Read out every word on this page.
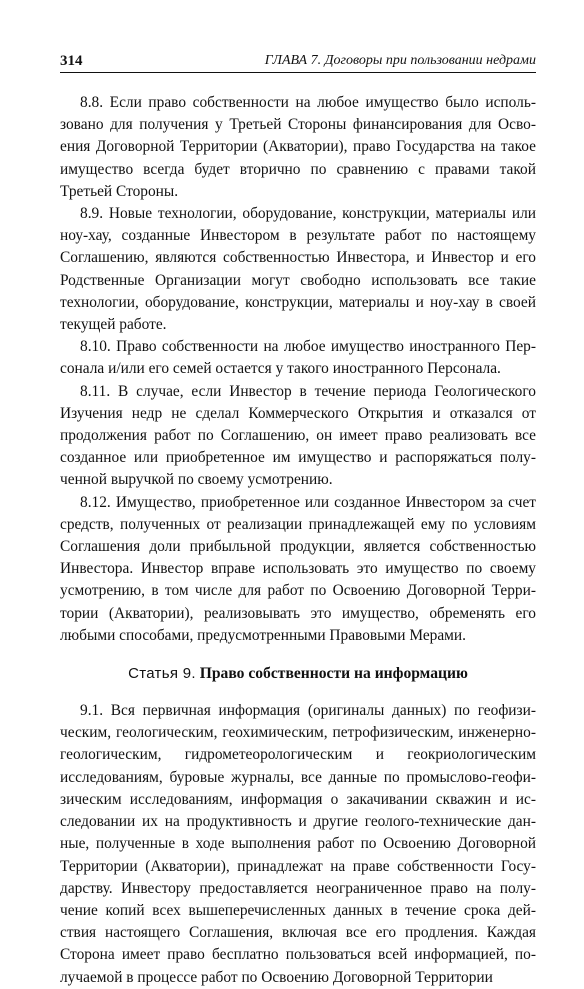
314	ГЛАВА 7. Договоры при пользовании недрами

8.8. Если право собственности на любое имущество было использовано для получения у Третьей Стороны финансирования для Освоения Договорной Территории (Акватории), право Государства на такое имущество всегда будет вторично по сравнению с правами такой Третьей Стороны.

8.9. Новые технологии, оборудование, конструкции, материалы или ноу-хау, созданные Инвестором в результате работ по настоящему Соглашению, являются собственностью Инвестора, и Инвестор и его Родственные Организации могут свободно использовать все такие технологии, оборудование, конструкции, материалы и ноу-хау в своей текущей работе.

8.10. Право собственности на любое имущество иностранного Персонала и/или его семей остается у такого иностранного Персонала.

8.11. В случае, если Инвестор в течение периода Геологического Изучения недр не сделал Коммерческого Открытия и отказался от продолжения работ по Соглашению, он имеет право реализовать все созданное или приобретенное им имущество и распоряжаться полученной выручкой по своему усмотрению.

8.12. Имущество, приобретенное или созданное Инвестором за счет средств, полученных от реализации принадлежащей ему по условиям Соглашения доли прибыльной продукции, является собственностью Инвестора. Инвестор вправе использовать это имущество по своему усмотрению, в том числе для работ по Освоению Договорной Территории (Акватории), реализовывать это имущество, обременять его любыми способами, предусмотренными Правовыми Мерами.

Статья 9. Право собственности на информацию

9.1. Вся первичная информация (оригиналы данных) по геофизическим, геологическим, геохимическим, петрофизическим, инженерно-геологическим, гидрометеорологическим и геокриологическим исследованиям, буровые журналы, все данные по промыслово-геофизическим исследованиям, информация о закачивании скважин и исследовании их на продуктивность и другие геолого-технические данные, полученные в ходе выполнения работ по Освоению Договорной Территории (Акватории), принадлежат на праве собственности Государству. Инвестору предоставляется неограниченное право на получение копий всех вышеперечисленных данных в течение срока действия настоящего Соглашения, включая все его продления. Каждая Сторона имеет право бесплатно пользоваться всей информацией, получаемой в процессе работ по Освоению Договорной Территории
